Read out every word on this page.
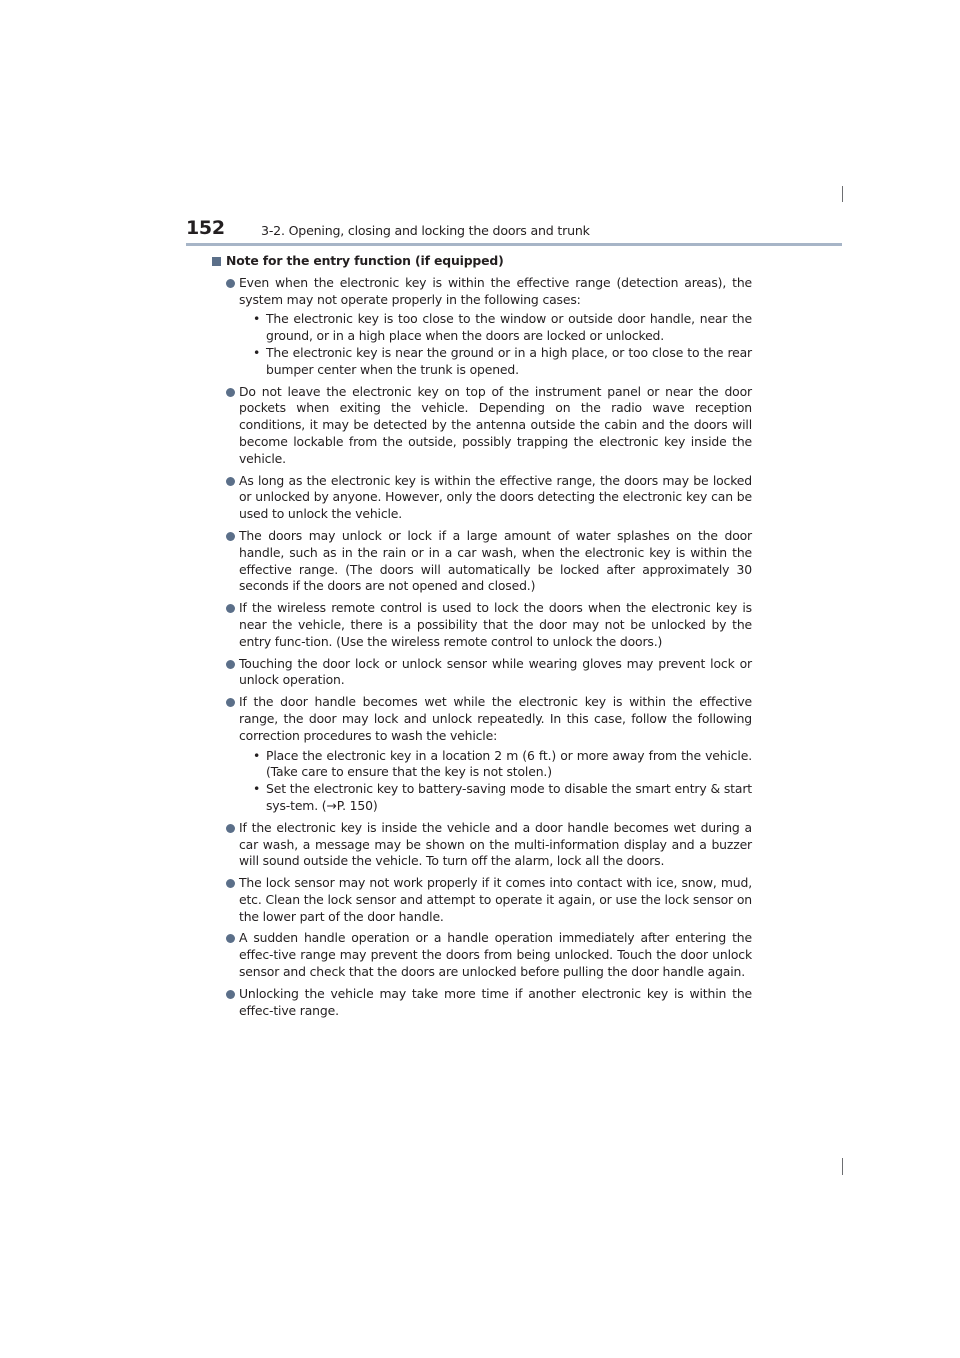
152	3-2. Opening, closing and locking the doors and trunk
Note for the entry function (if equipped)
Even when the electronic key is within the effective range (detection areas), the system may not operate properly in the following cases:
• The electronic key is too close to the window or outside door handle, near the ground, or in a high place when the doors are locked or unlocked.
• The electronic key is near the ground or in a high place, or too close to the rear bumper center when the trunk is opened.
Do not leave the electronic key on top of the instrument panel or near the door pockets when exiting the vehicle. Depending on the radio wave reception conditions, it may be detected by the antenna outside the cabin and the doors will become lockable from the outside, possibly trapping the electronic key inside the vehicle.
As long as the electronic key is within the effective range, the doors may be locked or unlocked by anyone. However, only the doors detecting the electronic key can be used to unlock the vehicle.
The doors may unlock or lock if a large amount of water splashes on the door handle, such as in the rain or in a car wash, when the electronic key is within the effective range. (The doors will automatically be locked after approximately 30 seconds if the doors are not opened and closed.)
If the wireless remote control is used to lock the doors when the electronic key is near the vehicle, there is a possibility that the door may not be unlocked by the entry func-tion. (Use the wireless remote control to unlock the doors.)
Touching the door lock or unlock sensor while wearing gloves may prevent lock or unlock operation.
If the door handle becomes wet while the electronic key is within the effective range, the door may lock and unlock repeatedly. In this case, follow the following correction procedures to wash the vehicle:
• Place the electronic key in a location 2 m (6 ft.) or more away from the vehicle. (Take care to ensure that the key is not stolen.)
• Set the electronic key to battery-saving mode to disable the smart entry & start sys-tem. (→P. 150)
If the electronic key is inside the vehicle and a door handle becomes wet during a car wash, a message may be shown on the multi-information display and a buzzer will sound outside the vehicle. To turn off the alarm, lock all the doors.
The lock sensor may not work properly if it comes into contact with ice, snow, mud, etc. Clean the lock sensor and attempt to operate it again, or use the lock sensor on the lower part of the door handle.
A sudden handle operation or a handle operation immediately after entering the effec-tive range may prevent the doors from being unlocked. Touch the door unlock sensor and check that the doors are unlocked before pulling the door handle again.
Unlocking the vehicle may take more time if another electronic key is within the effec-tive range.
